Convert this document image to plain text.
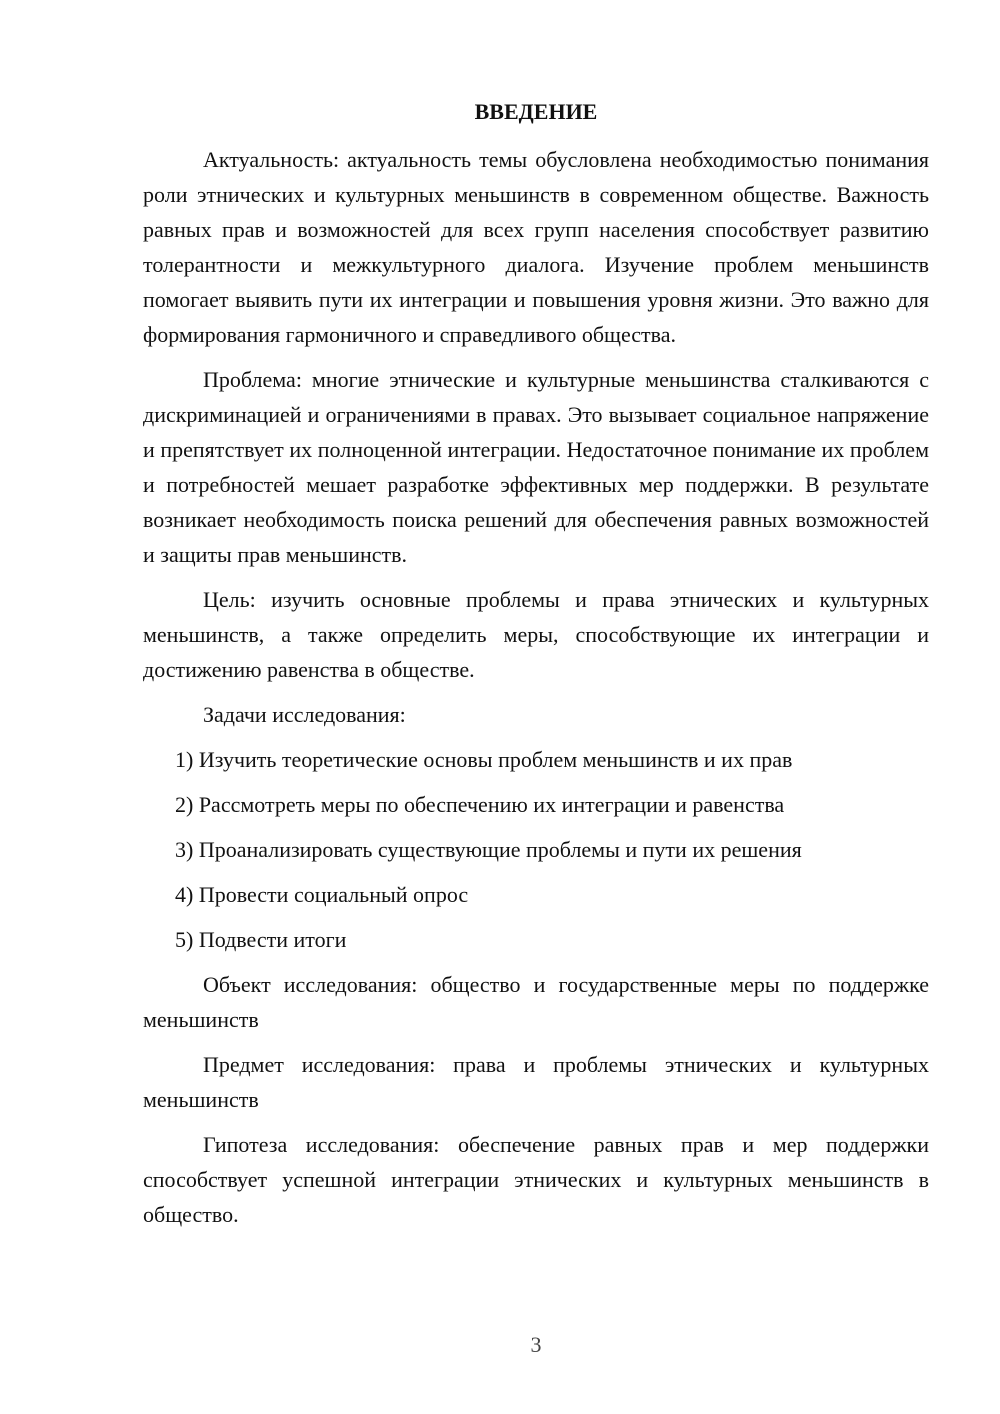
ВВЕДЕНИЕ

Актуальность: актуальность темы обусловлена необходимостью понимания роли этнических и культурных меньшинств в современном обществе. Важность равных прав и возможностей для всех групп населения способствует развитию толерантности и межкультурного диалога. Изучение проблем меньшинств помогает выявить пути их интеграции и повышения уровня жизни. Это важно для формирования гармоничного и справедливого общества.

Проблема: многие этнические и культурные меньшинства сталкиваются с дискриминацией и ограничениями в правах. Это вызывает социальное напряжение и препятствует их полноценной интеграции. Недостаточное понимание их проблем и потребностей мешает разработке эффективных мер поддержки. В результате возникает необходимость поиска решений для обеспечения равных возможностей и защиты прав меньшинств.

Цель: изучить основные проблемы и права этнических и культурных меньшинств, а также определить меры, способствующие их интеграции и достижению равенства в обществе.

Задачи исследования:

1) Изучить теоретические основы проблем меньшинств и их прав
2) Рассмотреть меры по обеспечению их интеграции и равенства
3) Проанализировать существующие проблемы и пути их решения
4) Провести социальный опрос
5) Подвести итоги

Объект исследования: общество и государственные меры по поддержке меньшинств

Предмет исследования: права и проблемы этнических и культурных меньшинств

Гипотеза исследования: обеспечение равных прав и мер поддержки способствует успешной интеграции этнических и культурных меньшинств в общество.

3
